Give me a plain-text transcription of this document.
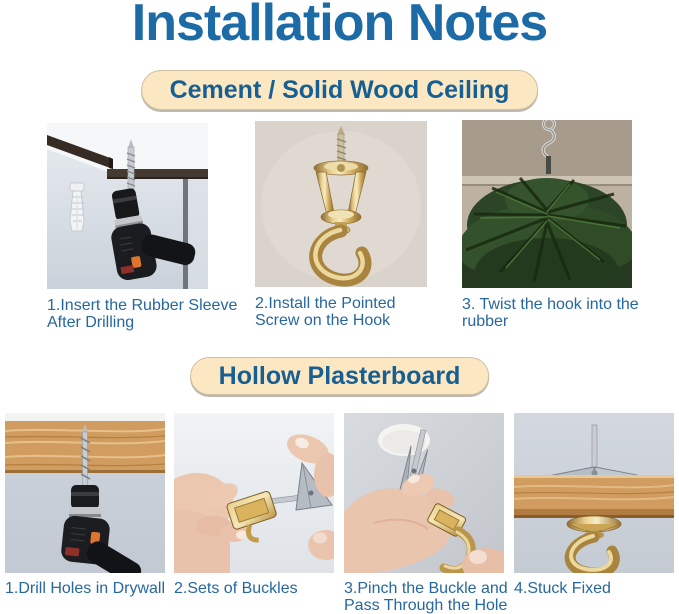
Installation Notes
Cement / Solid Wood Ceiling
1.Insert the Rubber Sleeve After Drilling
2.Install the Pointed Screw on the Hook
3. Twist the hook into the rubber
Hollow Plasterboard
1.Drill Holes in Drywall 2.Sets of Buckles	3.Pinch the Buckle and Pass Through the Hole
4.Stuck Fixed
